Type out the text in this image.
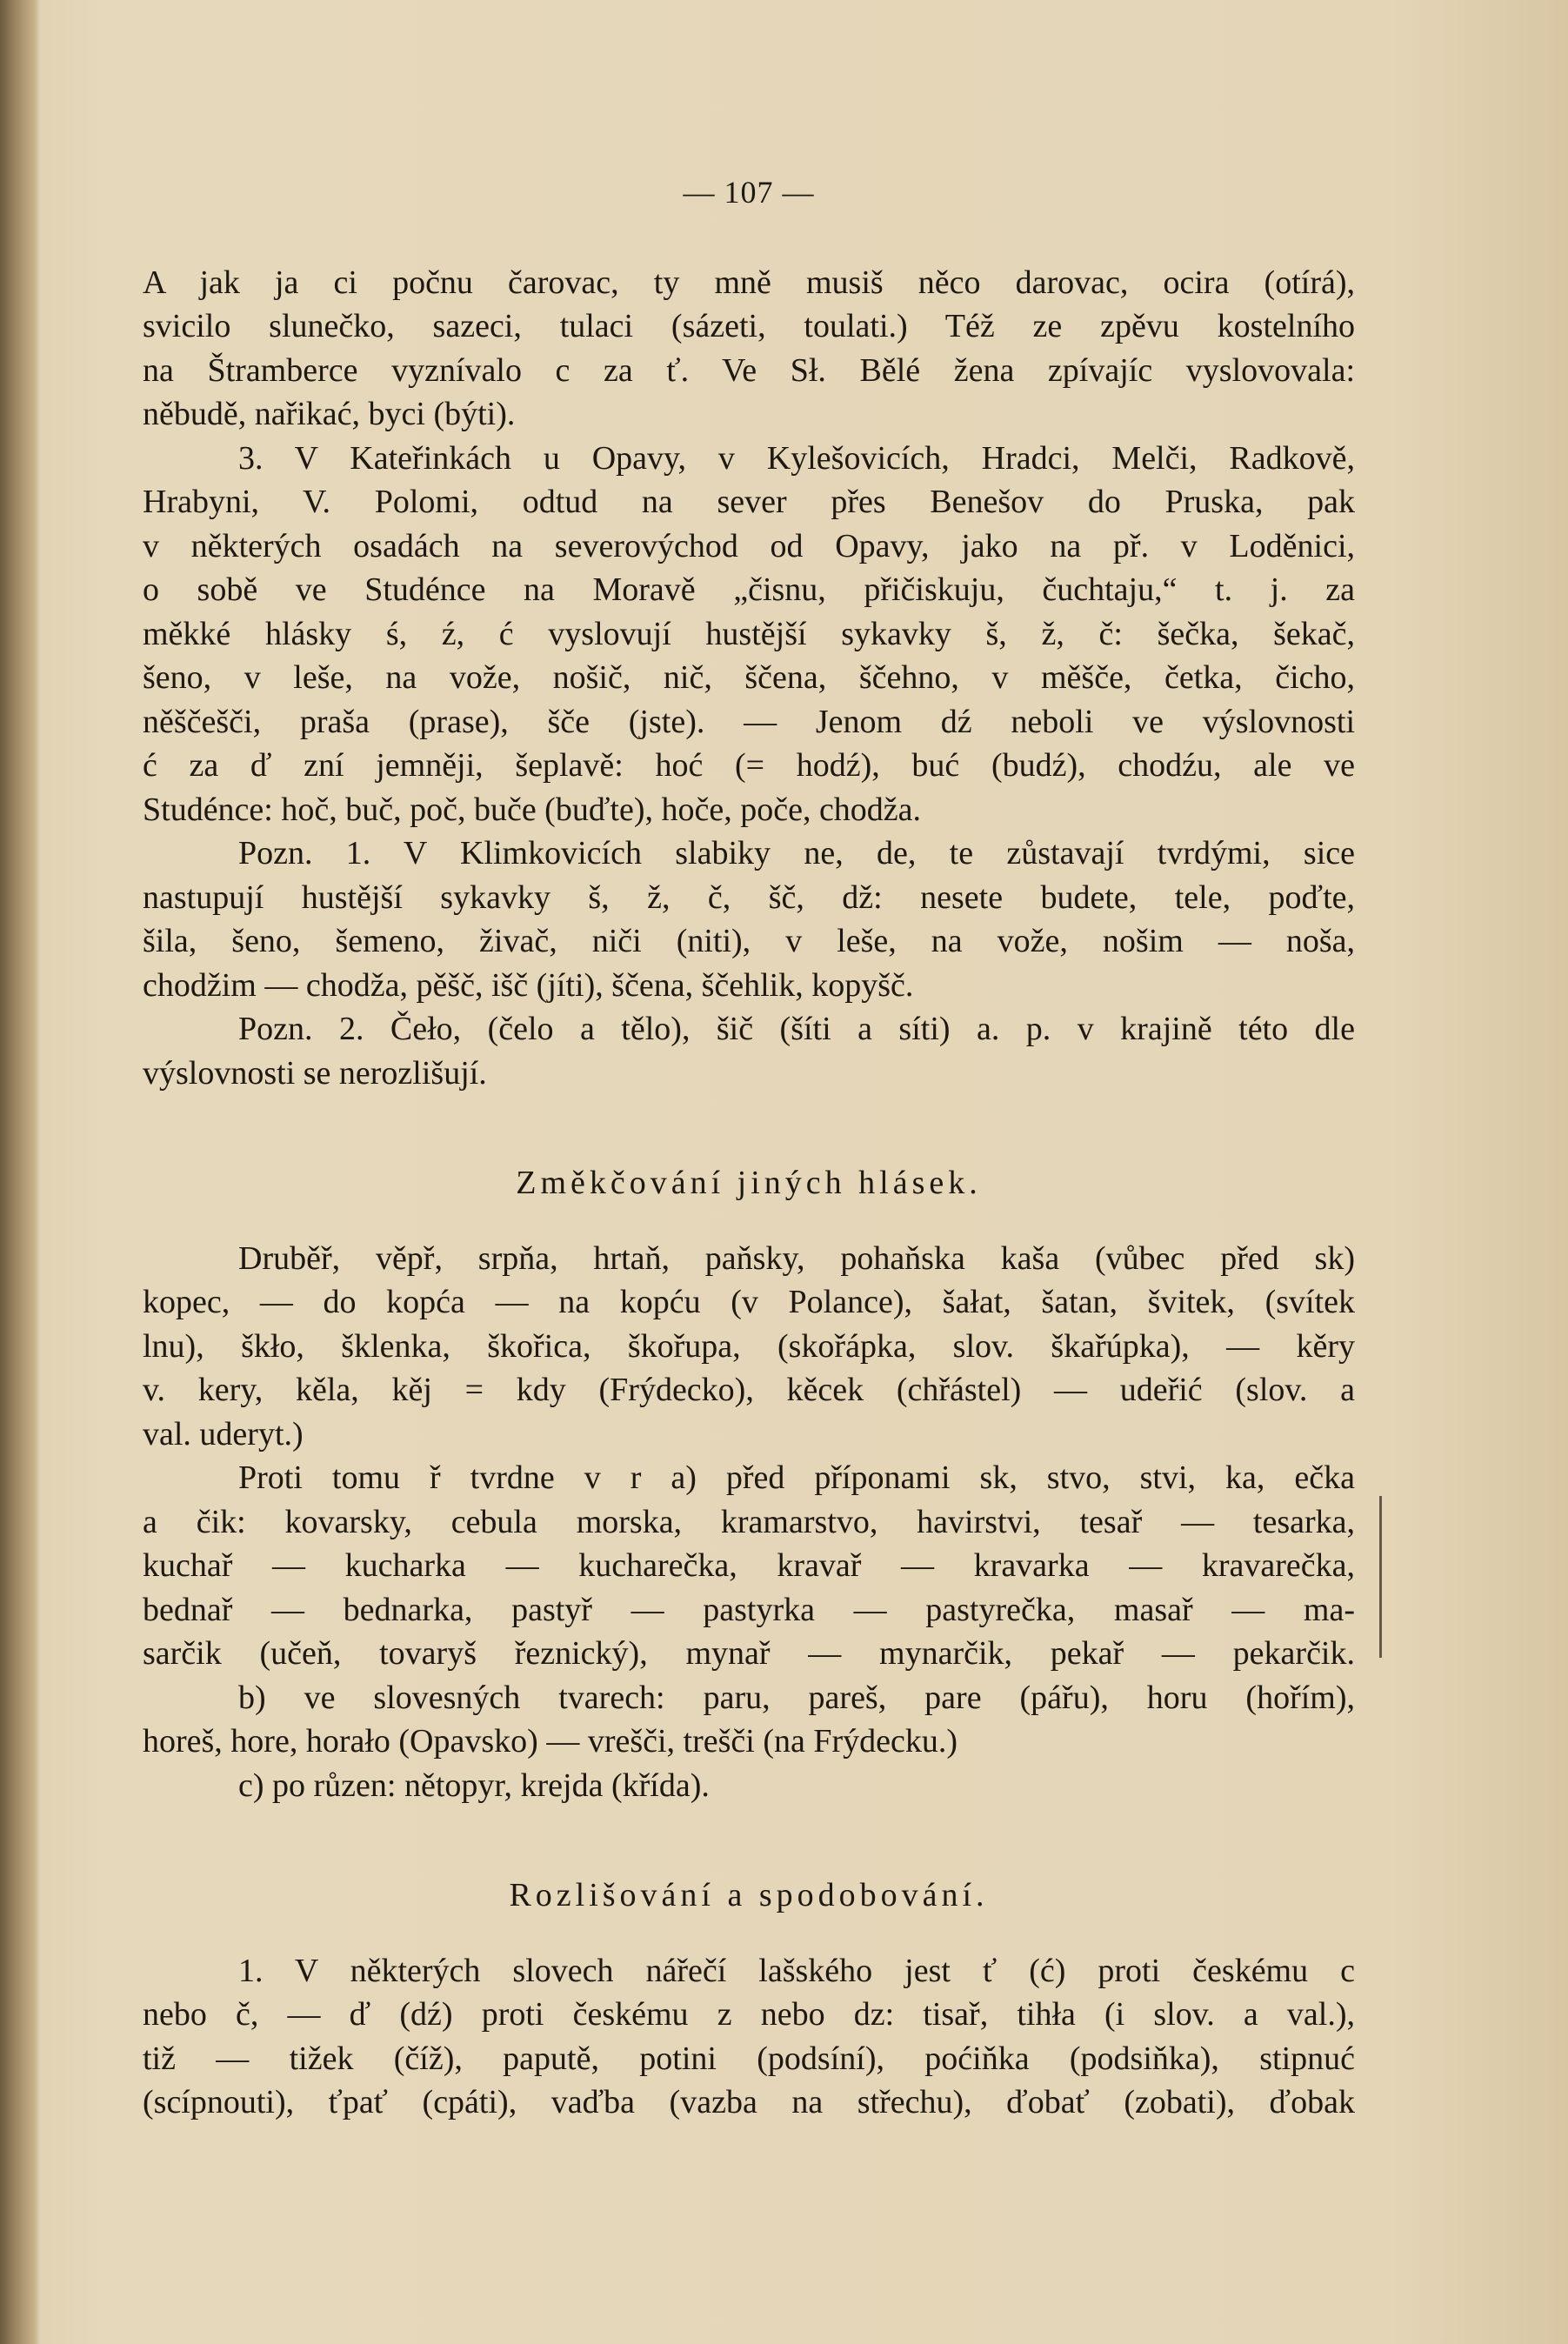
— 107 —
A jak ja ci počnu čarovac, ty mně musiš něco darovac, ocira (otírá),
svicilo slunečko, sazeci, tulaci (sázeti, toulati.) Též ze zpěvu kostelního
na Štramberce vyznívalo c za ť. Ve Sł. Bělé žena zpívajíc vyslovovala:
něbudě, nařikać, byci (býti).
3. V Kateřinkách u Opavy, v Kylešovicích, Hradci, Melči, Radkově,
Hrabyni, V. Polomi, odtud na sever přes Benešov do Pruska, pak
v některých osadách na severovýchod od Opavy, jako na př. v Loděnici,
o sobě ve Studénce na Moravě „čisnu, přičiskuju, čuchtaju,“ t. j. za
měkké hlásky ś, ź, ć vyslovují hustější sykavky š, ž, č: šečka, šekač,
šeno, v leše, na vože, nošič, nič, ščena, ščehno, v měšče, četka, čicho,
něščešči, praša (prase), šče (jste). — Jenom dź neboli ve výslovnosti
ć za ď zní jemněji, šeplavě: hoć (= hodź), buć (budź), chodźu, ale ve
Studénce: hoč, buč, poč, buče (buďte), hoče, poče, chodža.
Pozn. 1. V Klimkovicích slabiky ne, de, te zůstavají tvrdými, sice
nastupují hustější sykavky š, ž, č, šč, dž: nesete budete, tele, poďte,
šila, šeno, šemeno, živač, niči (niti), v leše, na vože, nošim — noša,
chodžim — chodža, pěšč, išč (jíti), ščena, ščehlik, kopyšč.
Pozn. 2. Čeło, (čelo a tělo), šič (šíti a síti) a. p. v krajině této dle
výslovnosti se nerozlišují.
Změkčování jiných hlásek.
Druběř, věpř, srpňa, hrtaň, paňsky, pohaňska kaša (vůbec před sk)
kopec, — do kopća — na kopću (v Polance), šałat, šatan, švitek, (svítek
lnu), škło, šklenka, škořica, škořupa, (skořápka, slov. škařúpka), — kěry
v. kery, kěla, kěj = kdy (Frýdecko), kěcek (chřástel) — udeřić (slov. a
val. uderyt.)
Proti tomu ř tvrdne v r a) před příponami sk, stvo, stvi, ka, ečka
a čik: kovarsky, cebula morska, kramarstvo, havirstvi, tesař — tesarka,
kuchař — kucharka — kucharečka, kravař — kravarka — kravarečka,
bednař — bednarka, pastyř — pastyrka — pastyrečka, masař — ma-
sarčik (učeň, tovaryš řeznický), mynař — mynarčik, pekař — pekarčik.
b) ve slovesných tvarech: paru, pareš, pare (pářu), horu (hořím),
horeš, hore, horało (Opavsko) — vrešči, trešči (na Frýdecku.)
c) po růzen: nětopyr, krejda (křída).
Rozlišování a spodobování.
1. V některých slovech nářečí lašského jest ť (ć) proti českému c
nebo č, — ď (dź) proti českému z nebo dz: tisař, tihła (i slov. a val.),
tiž — tižek (číž), paputě, potini (podsíní), poćiňka (podsiňka), stipnuć
(scípnouti), ťpať (cpáti), vaďba (vazba na střechu), ďobať (zobati), ďobak
